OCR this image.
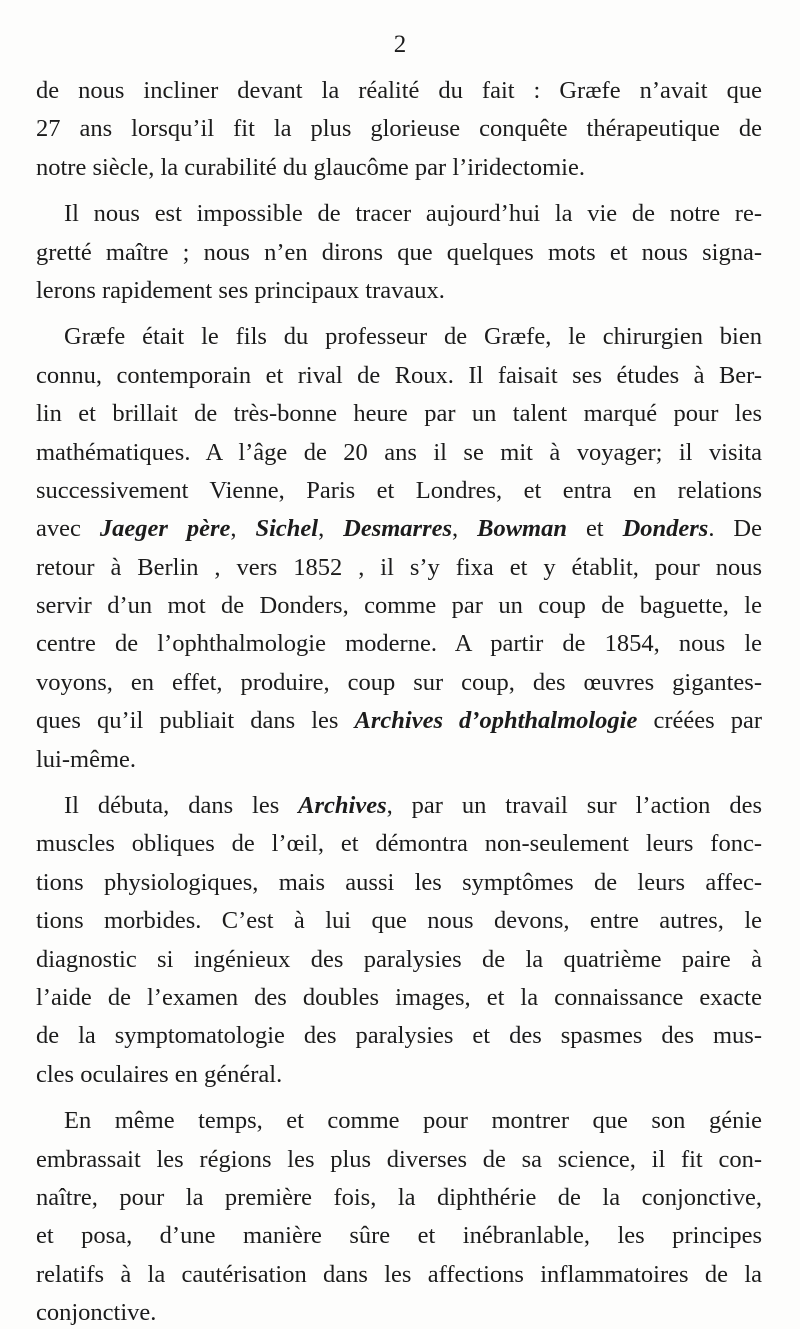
2
de nous incliner devant la réalité du fait : Græfe n’avait que
27 ans lorsqu’il fit la plus glorieuse conquête thérapeutique de
notre siècle, la curabilité du glaucôme par l’iridectomie.
Il nous est impossible de tracer aujourd’hui la vie de notre re-
gretté maître ; nous n’en dirons que quelques mots et nous signa-
lerons rapidement ses principaux travaux.
Græfe était le fils du professeur de Græfe, le chirurgien bien
connu, contemporain et rival de Roux. Il faisait ses études à Ber-
lin et brillait de très-bonne heure par un talent marqué pour les
mathématiques. A l’âge de 20 ans il se mit à voyager; il visita
successivement Vienne, Paris et Londres, et entra en relations
avec Jaeger père, Sichel, Desmarres, Bowman et Donders. De
retour à Berlin , vers 1852 , il s’y fixa et y établit, pour nous
servir d’un mot de Donders, comme par un coup de baguette, le
centre de l’ophthalmologie moderne. A partir de 1854, nous le
voyons, en effet, produire, coup sur coup, des œuvres gigantes-
ques qu’il publiait dans les Archives d’ophthalmologie créées par
lui-même.
Il débuta, dans les Archives, par un travail sur l’action des
muscles obliques de l’œil, et démontra non-seulement leurs fonc-
tions physiologiques, mais aussi les symptômes de leurs affec-
tions morbides. C’est à lui que nous devons, entre autres, le
diagnostic si ingénieux des paralysies de la quatrième paire à
l’aide de l’examen des doubles images, et la connaissance exacte
de la symptomatologie des paralysies et des spasmes des mus-
cles oculaires en général.
En même temps, et comme pour montrer que son génie
embrassait les régions les plus diverses de sa science, il fit con-
naître, pour la première fois, la diphthérie de la conjonctive,
et posa, d’une manière sûre et inébranlable, les principes
relatifs à la cautérisation dans les affections inflammatoires de la
conjonctive.
